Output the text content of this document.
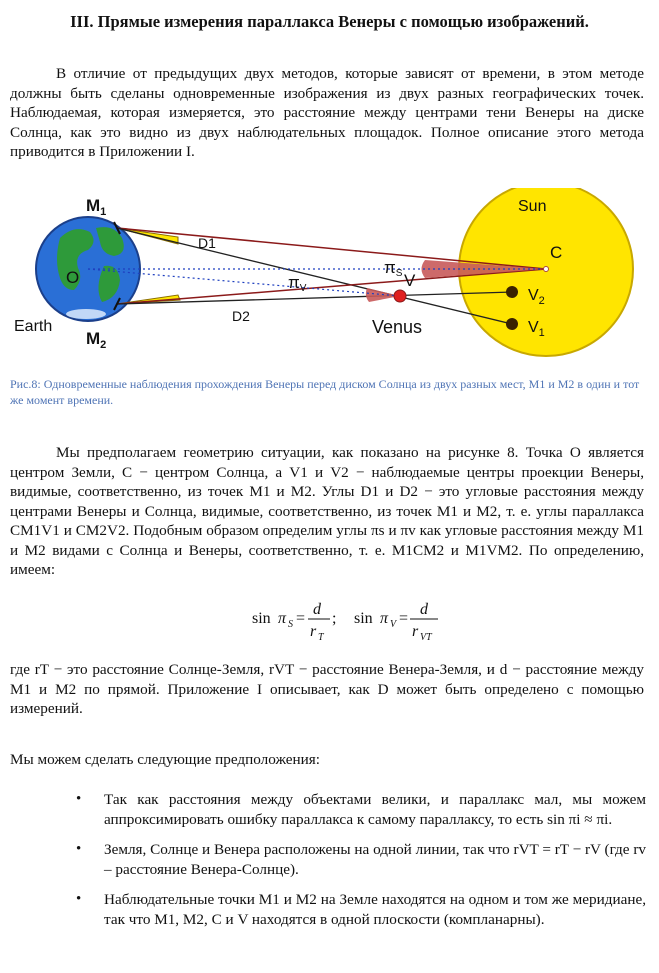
III. Прямые измерения параллакса Венеры с помощью изображений.
В отличие от предыдущих двух методов, которые зависят от времени, в этом методе должны быть сделаны одновременные изображения из двух разных географических точек. Наблюдаемая, которая измеряется, это расстояние между центрами тени Венеры на диске Солнца, как это видно из двух наблюдательных площадок. Полное описание этого метода приводится в Приложении I.
Sun
C
O
Earth	Venus
V
D1
D2
$M_1$
$M_2$
πS
πV	$V_2$
$V_1$
Рис.8: Одновременные наблюдения прохождения Венеры перед диском Солнца из двух разных мест, M1 и M2 в один и тот же момент времени.
Мы предполагаем геометрию ситуации, как показано на рисунке 8. Точка O является центром Земли, C − центром Солнца, а V1 и V2 − наблюдаемые центры проекции Венеры, видимые, соответственно, из точек M1 и M2. Углы D1 и D2 − это угловые расстояния между центрами Венеры и Солнца, видимые, соответственно, из точек M1 и M2, т. е. углы параллакса CM1V1 и CM2V2. Подобным образом определим углы πs и πv как угловые расстояния между M1 и M2 видами с Солнца и Венеры, соответственно, т. е. M1CM2 и M1VM2. По определению, имеем:
sin π S =
d
r T
; sin π V =
d
r VT
где rT − это расстояние Солнце-Земля, rVT − расстояние Венера-Земля, и d − расстояние между M1 и M2 по прямой. Приложение I описывает, как D может быть определено с помощью измерений.
Мы можем сделать следующие предположения:
• Так как расстояния между объектами велики, и параллакс мал, мы можем аппроксимировать ошибку параллакса к самому параллаксу, то есть sin πi ≈ πi.
• Земля, Солнце и Венера расположены на одной линии, так что rVT = rT − rV (где rv – расстояние Венера-Солнце).
• Наблюдательные точки M1 и M2 на Земле находятся на одном и том же меридиане, так что M1, M2, C и V находятся в одной плоскости (компланарны).
